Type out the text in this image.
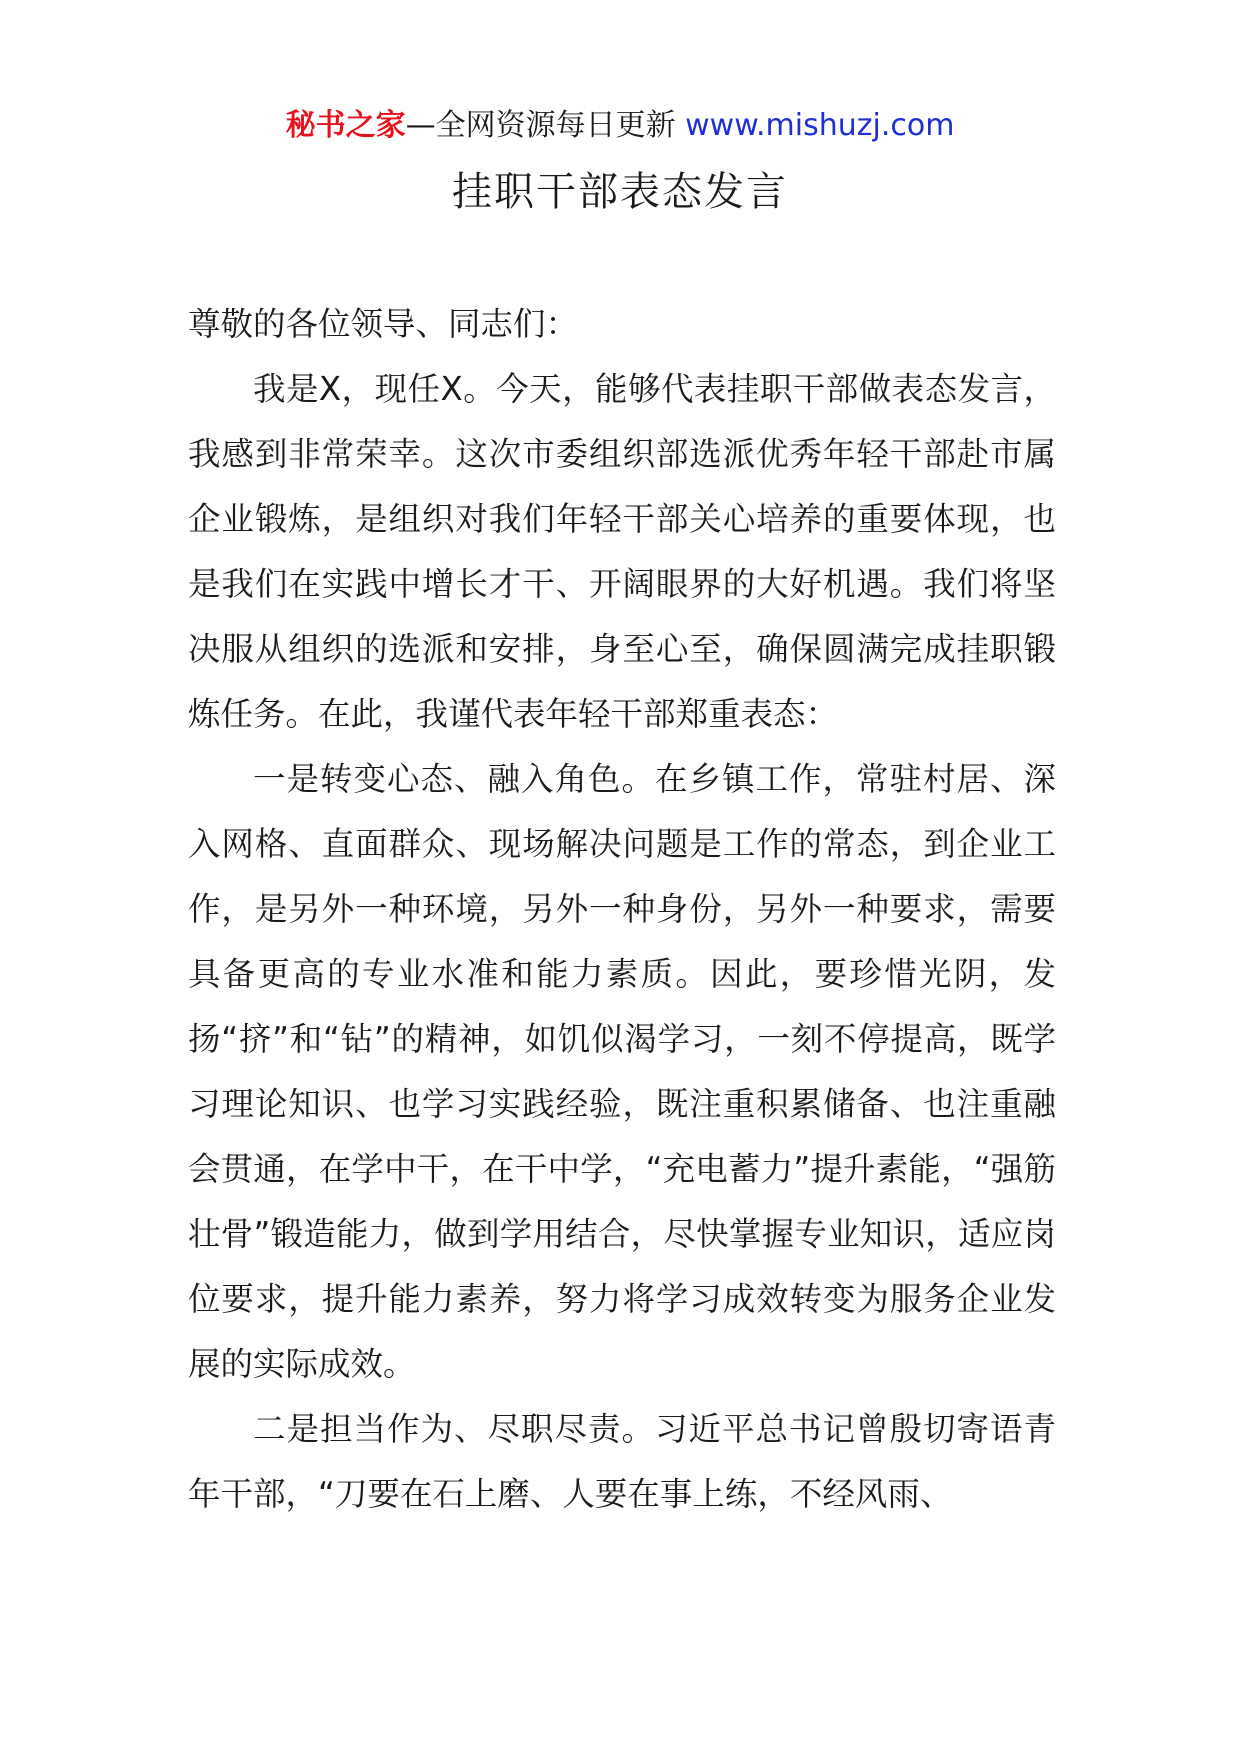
秘书之家—全网资源每日更新 www.mishuzj.com
挂职干部表态发言

尊敬的各位领导、同志们：

我是X，现任X。今天，能够代表挂职干部做表态发言，我感到非常荣幸。这次市委组织部选派优秀年轻干部赴市属企业锻炼，是组织对我们年轻干部关心培养的重要体现，也是我们在实践中增长才干、开阔眼界的大好机遇。我们将坚决服从组织的选派和安排，身至心至，确保圆满完成挂职锻炼任务。在此，我谨代表年轻干部郑重表态：

一是转变心态、融入角色。在乡镇工作，常驻村居、深入网格、直面群众、现场解决问题是工作的常态，到企业工作，是另外一种环境，另外一种身份，另外一种要求，需要具备更高的专业水准和能力素质。因此，要珍惜光阴，发扬“挤”和“钻”的精神，如饥似渴学习，一刻不停提高，既学习理论知识、也学习实践经验，既注重积累储备、也注重融会贯通，在学中干，在干中学，“充电蓄力”提升素能，“强筋壮骨”锻造能力，做到学用结合，尽快掌握专业知识，适应岗位要求，提升能力素养，努力将学习成效转变为服务企业发展的实际成效。

二是担当作为、尽职尽责。习近平总书记曾殷切寄语青年干部，“刀要在石上磨、人要在事上练，不经风雨、
